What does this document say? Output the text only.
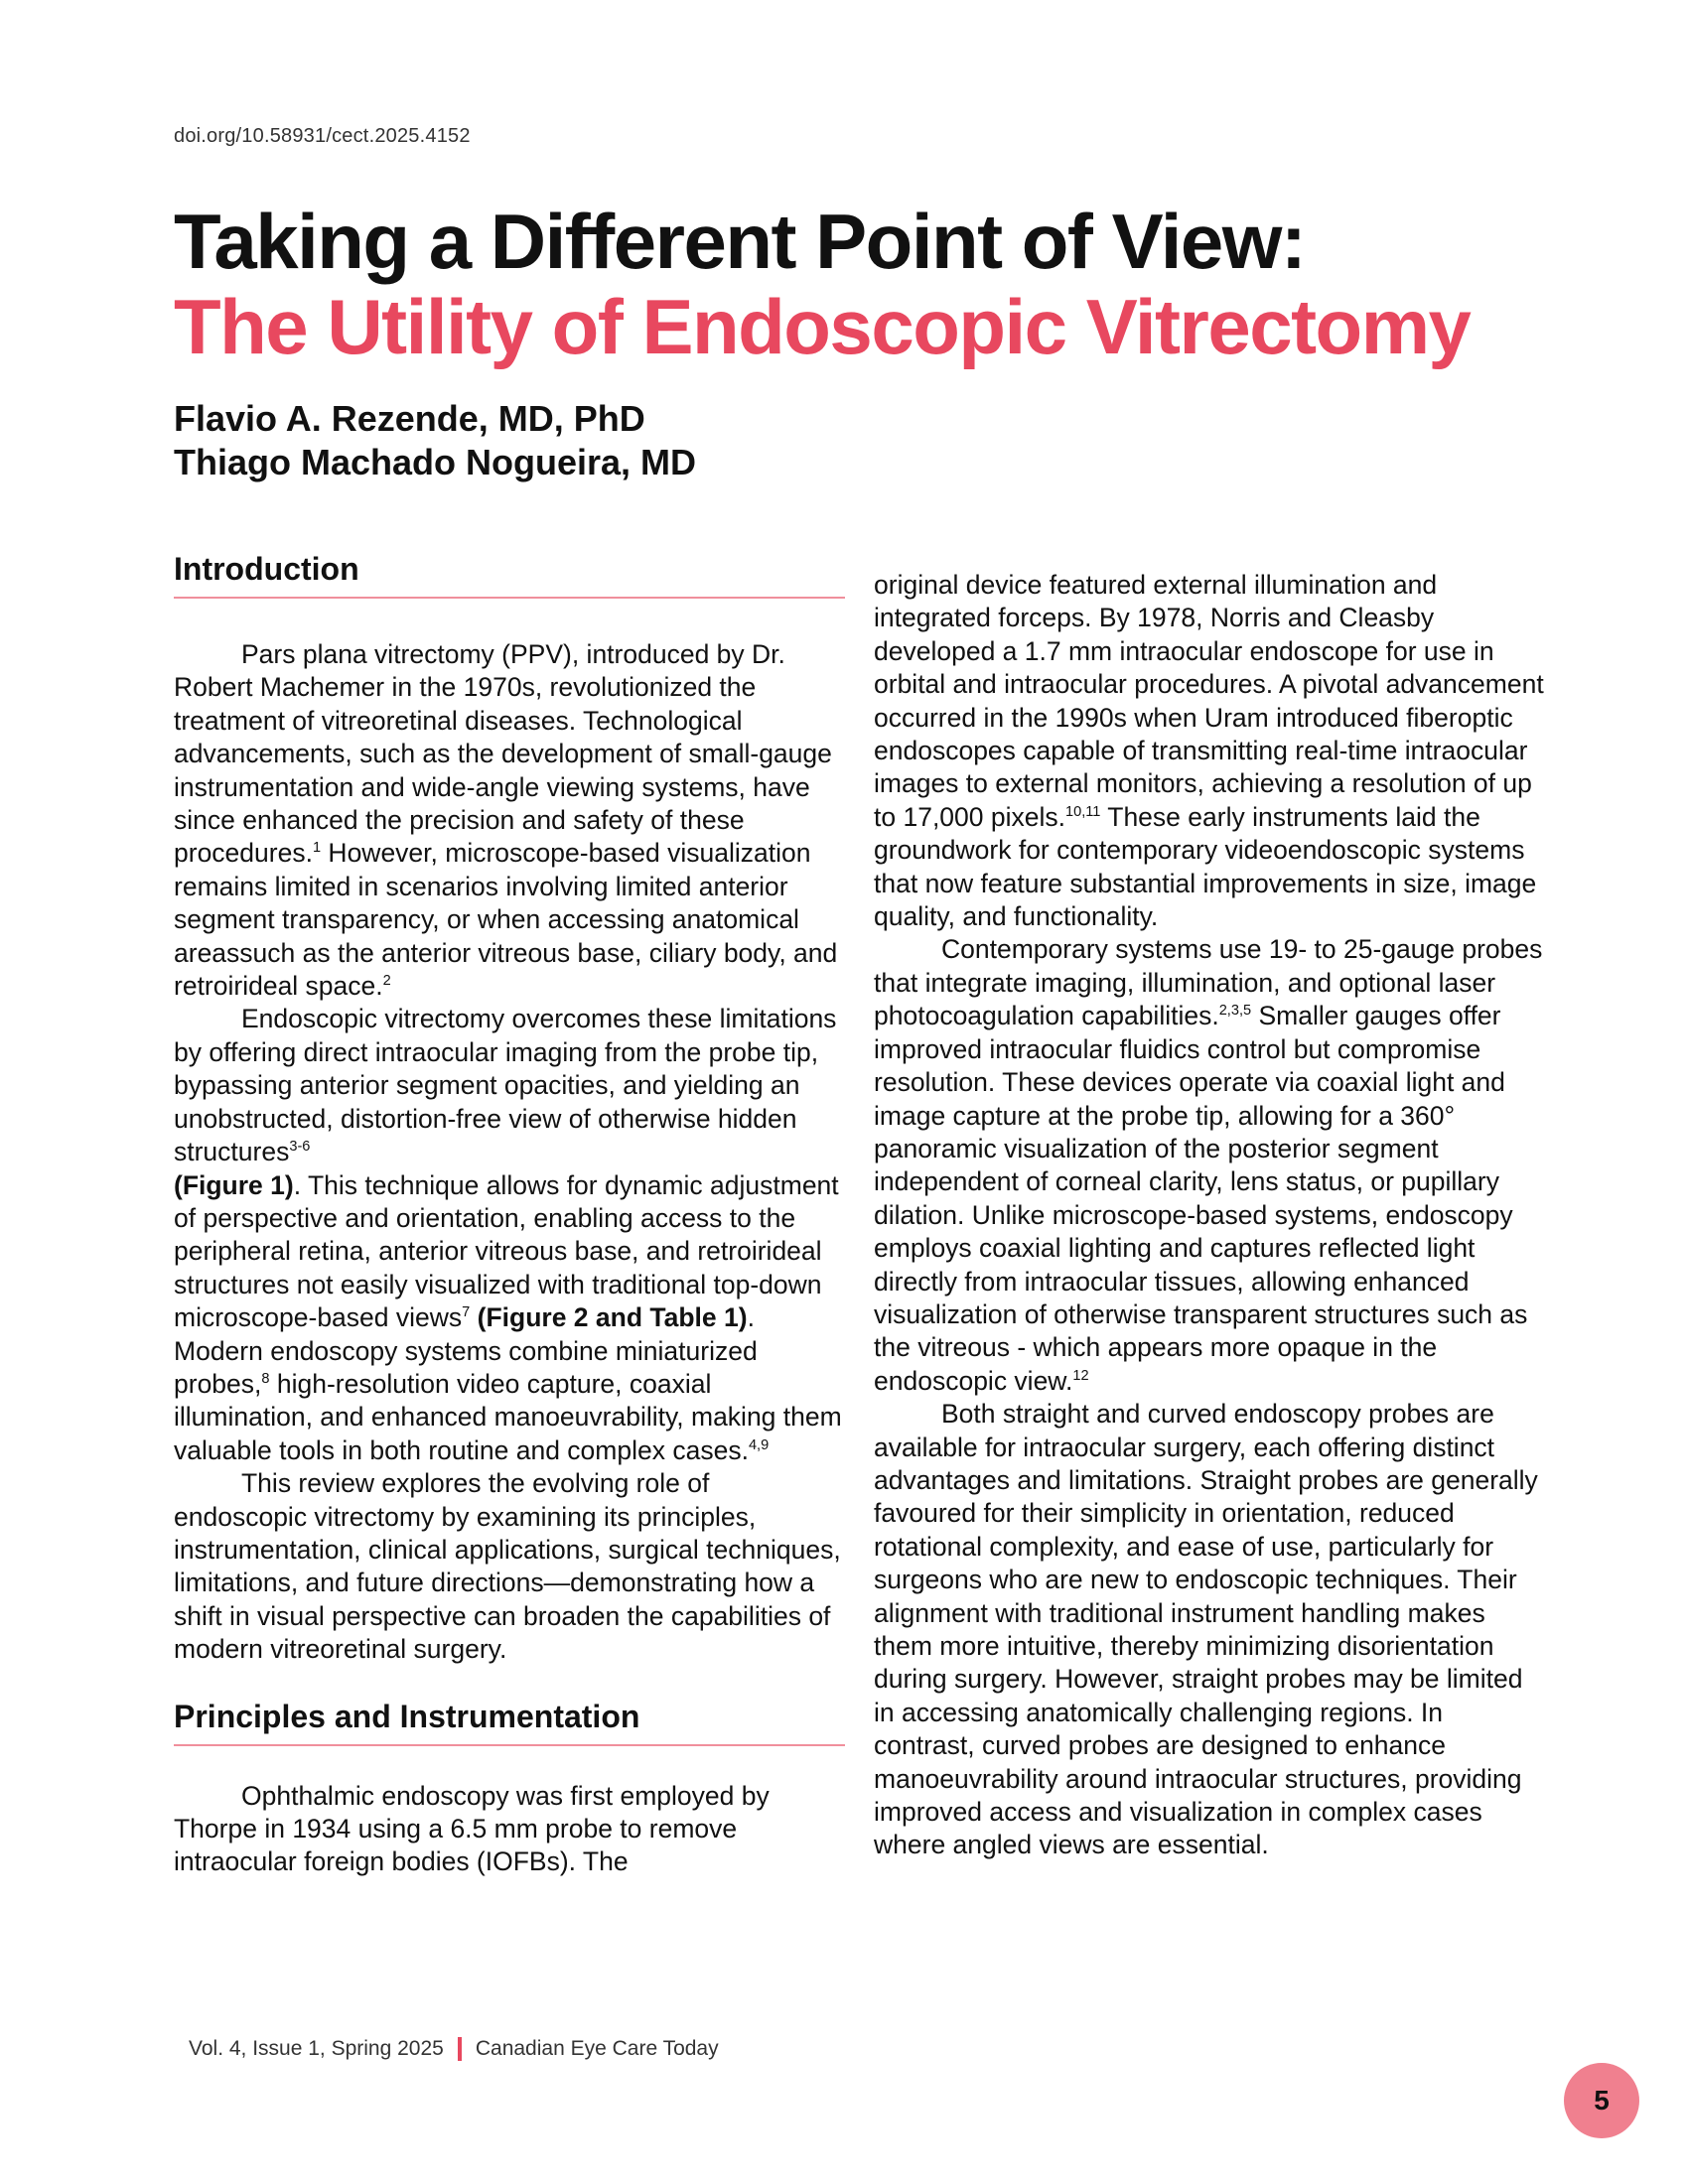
doi.org/10.58931/cect.2025.4152
Taking a Different Point of View:
The Utility of Endoscopic Vitrectomy
Flavio A. Rezende, MD, PhD
Thiago Machado Nogueira, MD
Introduction

Pars plana vitrectomy (PPV), introduced by Dr. Robert Machemer in the 1970s, revolutionized the treatment of vitreoretinal diseases. Technological advancements, such as the development of small-gauge instrumentation and wide-angle viewing systems, have since enhanced the precision and safety of these procedures.$^1$ However, microscope-based visualization remains limited in scenarios involving limited anterior segment transparency, or when accessing anatomical areassuch as the anterior vitreous base, ciliary body, and retroirideal space.$^2$

Endoscopic vitrectomy overcomes these limitations by offering direct intraocular imaging from the probe tip, bypassing anterior segment opacities, and yielding an unobstructed, distortion-free view of otherwise hidden structures$^{3-6}$
(Figure 1). This technique allows for dynamic adjustment of perspective and orientation, enabling access to the peripheral retina, anterior vitreous base, and retroirideal structures not easily visualized with traditional top-down microscope-based views$^7$ (Figure 2 and Table 1). Modern endoscopy systems combine miniaturized probes,$^8$ high-resolution video capture, coaxial illumination, and enhanced manoeuvrability, making them valuable tools in both routine and complex cases.$^{4,9}$

This review explores the evolving role of endoscopic vitrectomy by examining its principles, instrumentation, clinical applications, surgical techniques, limitations, and future directions—demonstrating how a shift in visual perspective can broaden the capabilities of modern vitreoretinal surgery.

Principles and Instrumentation

Ophthalmic endoscopy was first employed by Thorpe in 1934 using a 6.5 mm probe to remove intraocular foreign bodies (IOFBs). The

original device featured external illumination and integrated forceps. By 1978, Norris and Cleasby developed a 1.7 mm intraocular endoscope for use in orbital and intraocular procedures. A pivotal advancement occurred in the 1990s when Uram introduced fiberoptic endoscopes capable of transmitting real-time intraocular images to external monitors, achieving a resolution of up to 17,000 pixels.$^{10,11}$ These early instruments laid the groundwork for contemporary videoendoscopic systems that now feature substantial improvements in size, image quality, and functionality.

Contemporary systems use 19- to 25-gauge probes that integrate imaging, illumination, and optional laser photocoagulation capabilities.$^{2,3,5}$ Smaller gauges offer improved intraocular fluidics control but compromise resolution. These devices operate via coaxial light and image capture at the probe tip, allowing for a 360° panoramic visualization of the posterior segment independent of corneal clarity, lens status, or pupillary dilation. Unlike microscope-based systems, endoscopy employs coaxial lighting and captures reflected light directly from intraocular tissues, allowing enhanced visualization of otherwise transparent structures such as the vitreous - which appears more opaque in the endoscopic view.$^{12}$

Both straight and curved endoscopy probes are available for intraocular surgery, each offering distinct advantages and limitations. Straight probes are generally favoured for their simplicity in orientation, reduced rotational complexity, and ease of use, particularly for surgeons who are new to endoscopic techniques. Their alignment with traditional instrument handling makes them more intuitive, thereby minimizing disorientation during surgery. However, straight probes may be limited in accessing anatomically challenging regions. In contrast, curved probes are designed to enhance manoeuvrability around intraocular structures, providing improved access and visualization in complex cases where angled views are essential.

Vol. 4, Issue 1, Spring 2025 Canadian Eye Care Today
5
